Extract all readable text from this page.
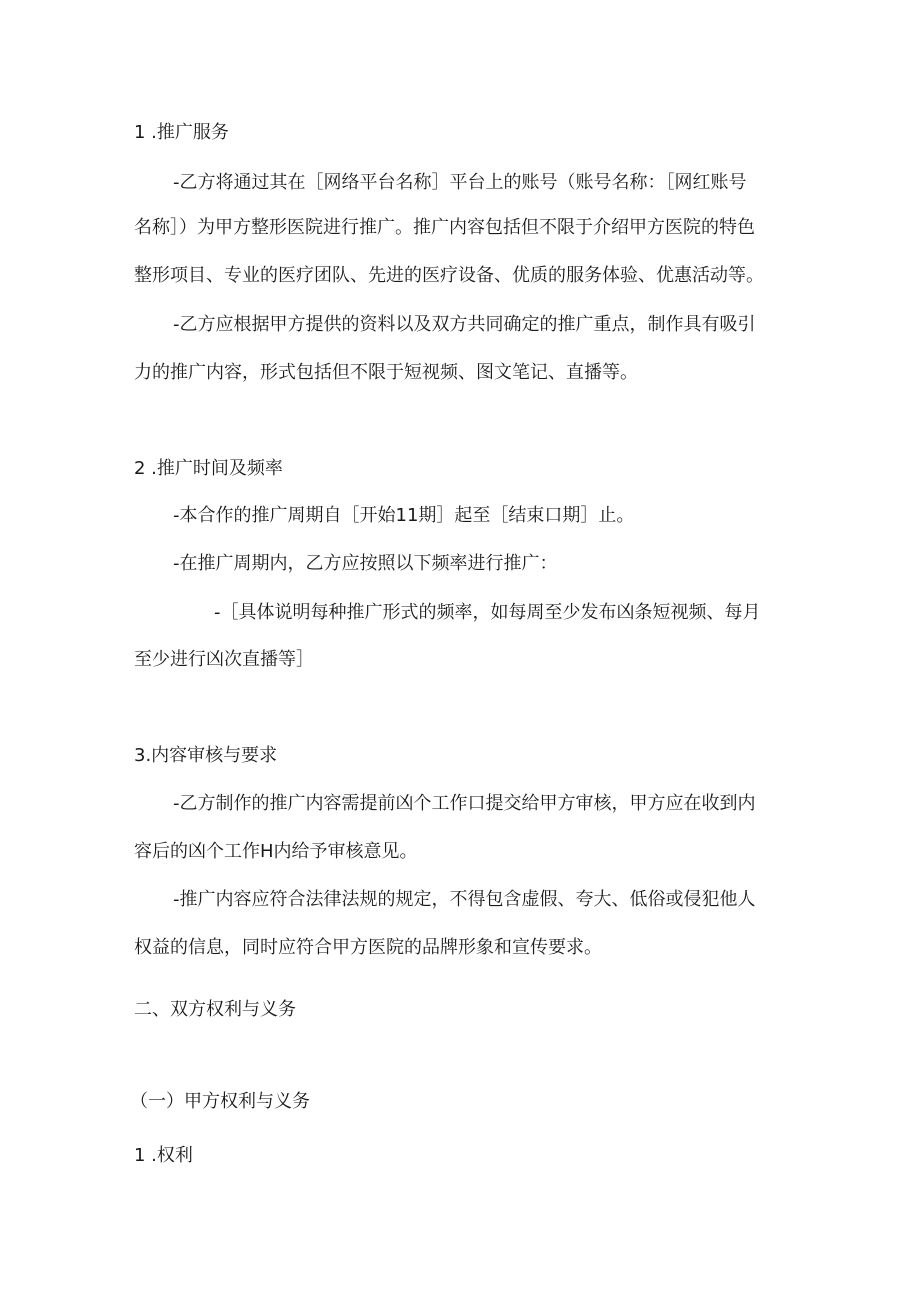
1 .推广服务
-乙方将通过其在［网络平台名称］平台上的账号（账号名称：［网红账号
名称］）为甲方整形医院进行推广。推广内容包括但不限于介绍甲方医院的特色
整形项目、专业的医疗团队、先进的医疗设备、优质的服务体验、优惠活动等。
-乙方应根据甲方提供的资料以及双方共同确定的推广重点，制作具有吸引
力的推广内容，形式包括但不限于短视频、图文笔记、直播等。
2 .推广时间及频率
-本合作的推广周期自［开始11期］起至［结束口期］止。
-在推广周期内，乙方应按照以下频率进行推广：
-［具体说明每种推广形式的频率，如每周至少发布凶条短视频、每月
至少进行凶次直播等］
3.内容审核与要求
-乙方制作的推广内容需提前凶个工作口提交给甲方审核，甲方应在收到内
容后的凶个工作H内给予审核意见。
-推广内容应符合法律法规的规定，不得包含虚假、夸大、低俗或侵犯他人
权益的信息，同时应符合甲方医院的品牌形象和宣传要求。
二、双方权利与义务
（一）甲方权利与义务
1 .权利
